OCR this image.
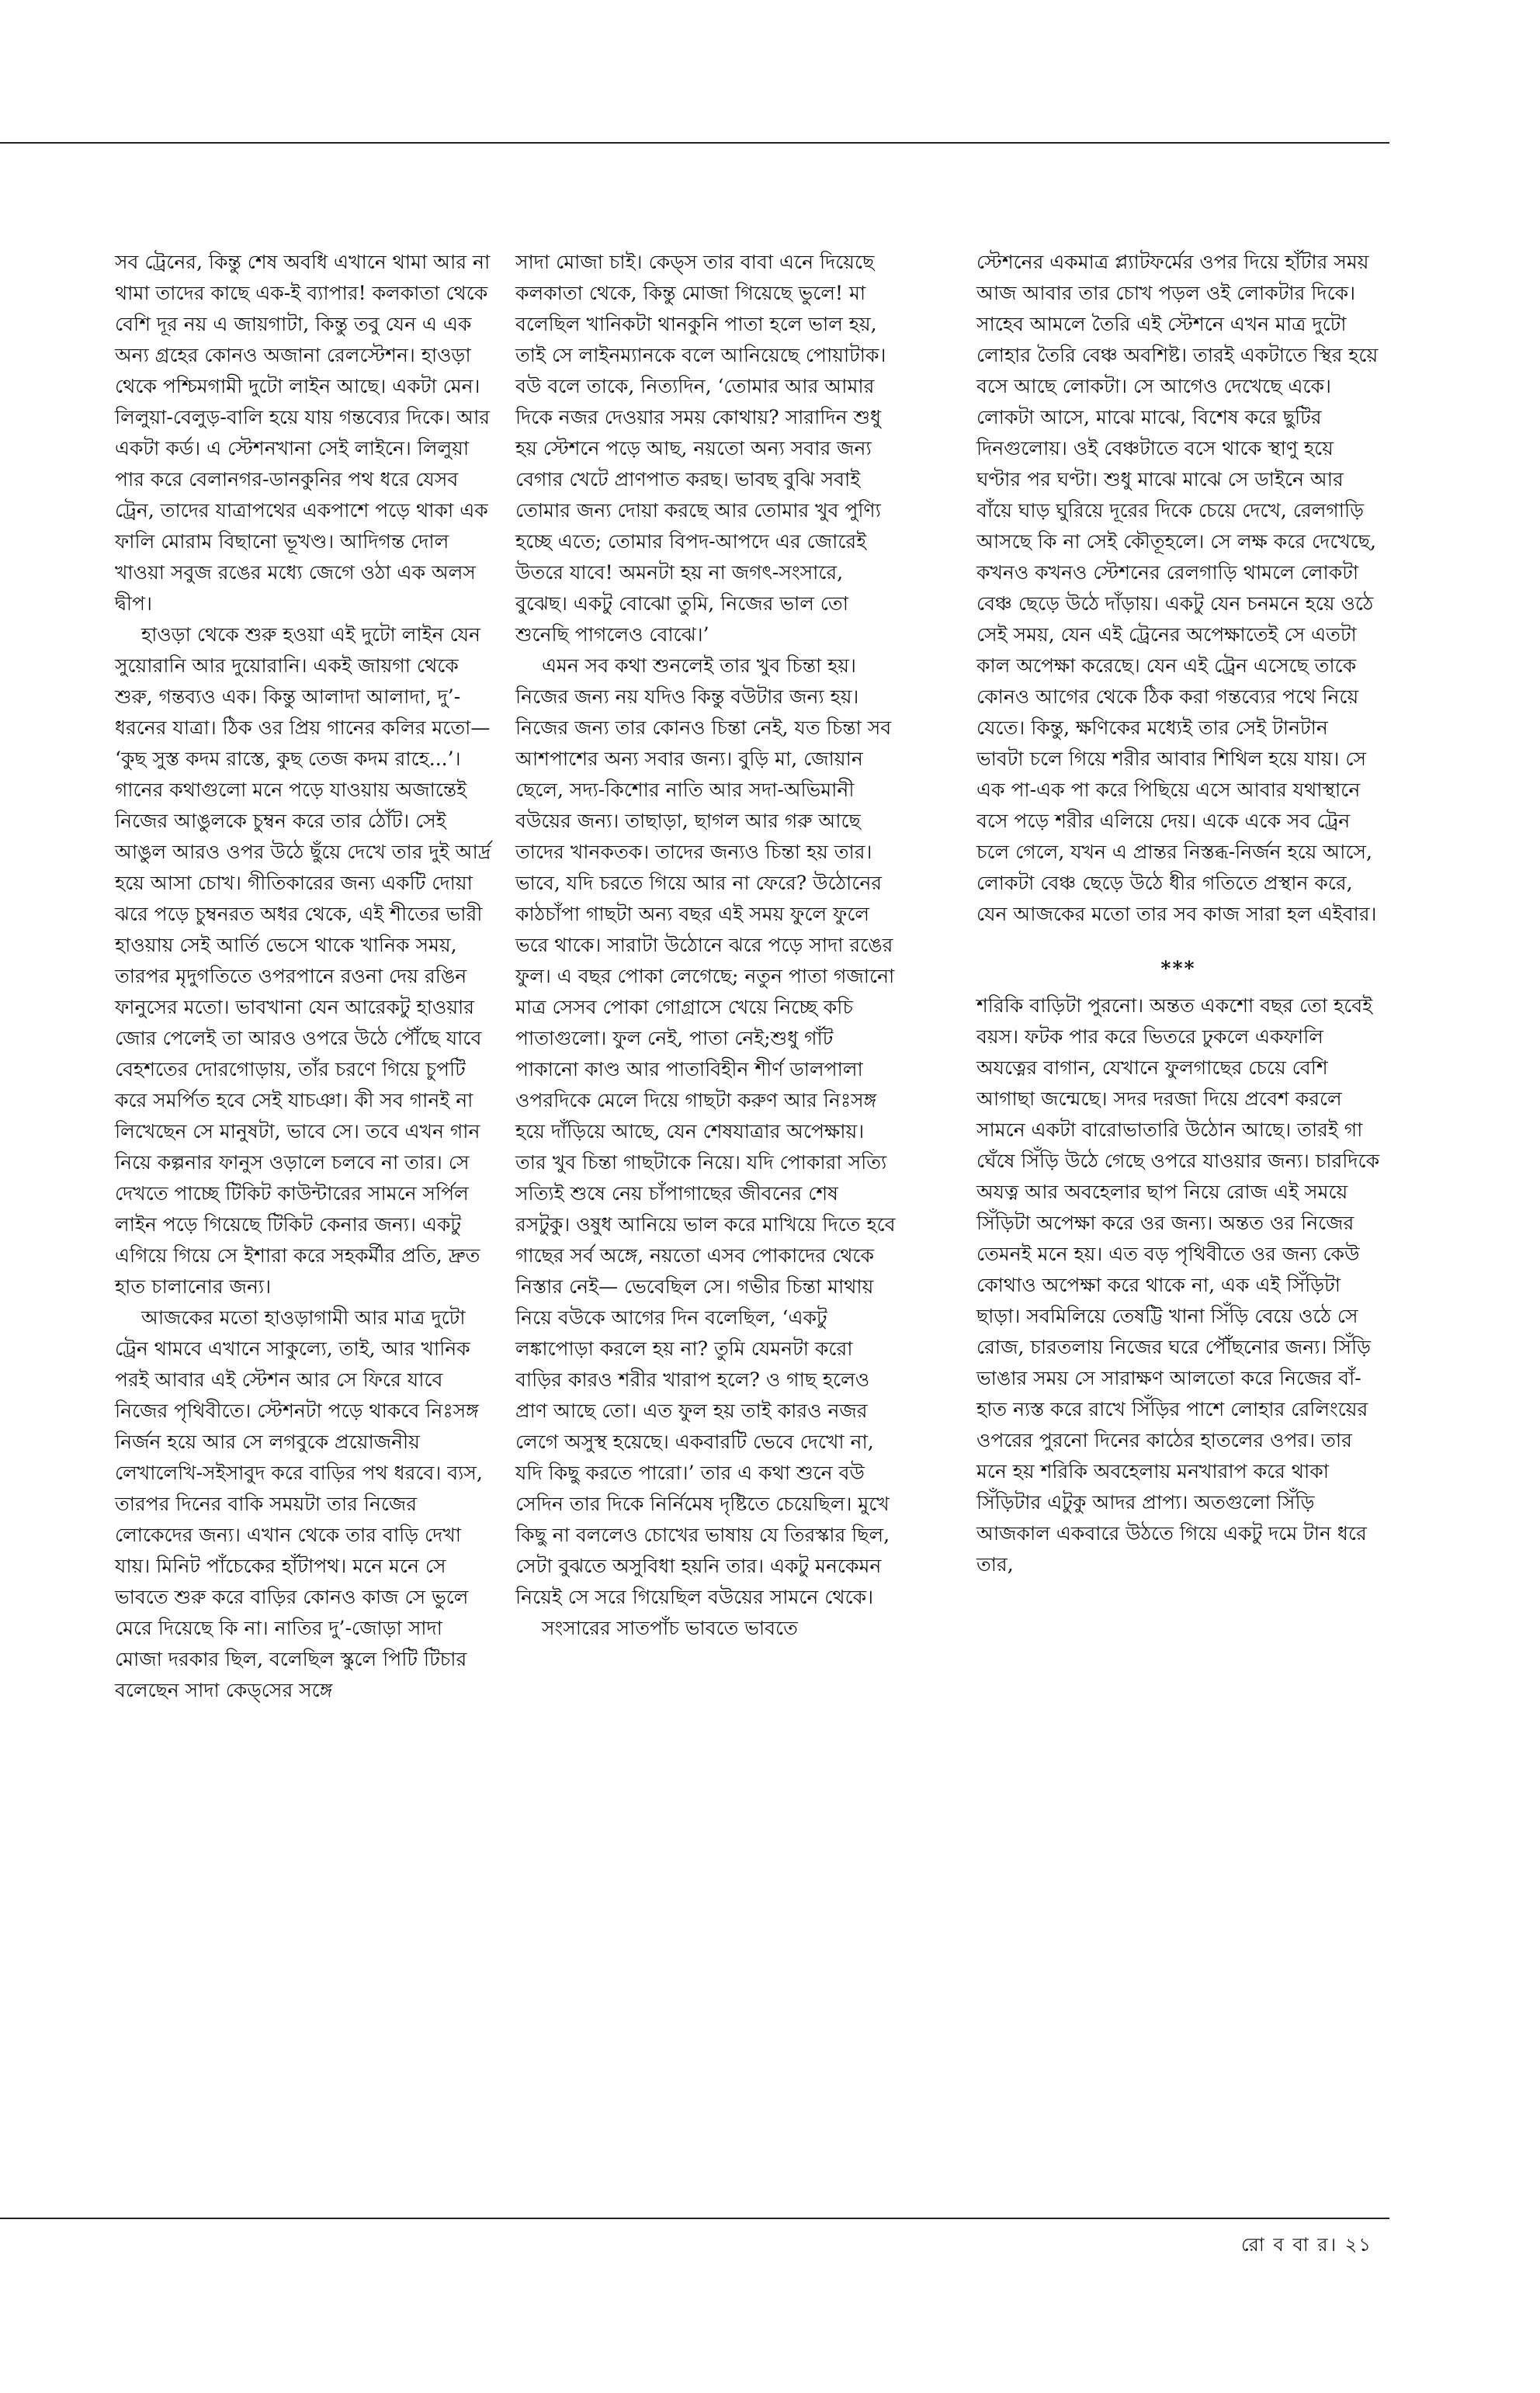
সব ট্রেনের, কিন্তু শেষ অবধি এখানে থামা আর না থামা তাদের কাছে এক-ই ব্যাপার! কলকাতা থেকে বেশি দূর নয় এ জায়গাটা, কিন্তু তবু যেন এ এক অন্য গ্রহের কোনও অজানা রেলস্টেশন। হাওড়া থেকে পশ্চিমগামী দুটো লাইন আছে। একটা মেন। লিলুয়া-বেলুড়-বালি হয়ে যায় গন্তব্যের দিকে। আর একটা কর্ড। এ স্টেশনখানা সেই লাইনে। লিলুয়া পার করে বেলানগর-ডানকুনির পথ ধরে যেসব ট্রেন, তাদের যাত্রাপথের একপাশে পড়ে থাকা এক ফালি মোরাম বিছানো ভূখণ্ড। আদিগন্ত দোল খাওয়া সবুজ রঙের মধ্যে জেগে ওঠা এক অলস দ্বীপ।

হাওড়া থেকে শুরু হওয়া এই দুটো লাইন যেন সুয়োরানি আর দুয়োরানি। একই জায়গা থেকে শুরু, গন্তব্যও এক। কিন্তু আলাদা আলাদা, দু’-ধরনের যাত্রা। ঠিক ওর প্রিয় গানের কলির মতো— ‘কুছ সুস্ত কদম রাস্তে, কুছ তেজ কদম রাহে...’। গানের কথাগুলো মনে পড়ে যাওয়ায় অজান্তেই নিজের আঙুলকে চুম্বন করে তার ঠোঁট। সেই আঙুল আরও ওপর উঠে ছুঁয়ে দেখে তার দুই আর্দ্র হয়ে আসা চোখ। গীতিকারের জন্য একটি দোয়া ঝরে পড়ে চুম্বনরত অধর থেকে, এই শীতের ভারী হাওয়ায় সেই আর্তি ভেসে থাকে খানিক সময়, তারপর মৃদুগতিতে ওপরপানে রওনা দেয় রঙিন ফানুসের মতো। ভাবখানা যেন আরেকটু হাওয়ার জোর পেলেই তা আরও ওপরে উঠে পৌঁছে যাবে বেহশতের দোরগোড়ায়, তাঁর চরণে গিয়ে চুপটি করে সমর্পিত হবে সেই যাচঞা। কী সব গানই না লিখেছেন সে মানুষটা, ভাবে সে। তবে এখন গান নিয়ে কল্পনার ফানুস ওড়ালে চলবে না তার। সে দেখতে পাচ্ছে টিকিট কাউন্টারের সামনে সর্পিল লাইন পড়ে গিয়েছে টিকিট কেনার জন্য। একটু এগিয়ে গিয়ে সে ইশারা করে সহকর্মীর প্রতি, দ্রুত হাত চালানোর জন্য।

আজকের মতো হাওড়াগামী আর মাত্র দুটো ট্রেন থামবে এখানে সাকুল্যে, তাই, আর খানিক পরই আবার এই স্টেশন আর সে ফিরে যাবে নিজের পৃথিবীতে। স্টেশনটা পড়ে থাকবে নিঃসঙ্গ নির্জন হয়ে আর সে লগবুকে প্রয়োজনীয় লেখালেখি-সইসাবুদ করে বাড়ির পথ ধরবে। ব্যস, তারপর দিনের বাকি সময়টা তার নিজের লোকেদের জন্য। এখান থেকে তার বাড়ি দেখা যায়। মিনিট পাঁচেকের হাঁটাপথ। মনে মনে সে ভাবতে শুরু করে বাড়ির কোনও কাজ সে ভুলে মেরে দিয়েছে কি না। নাতির দু’-জোড়া সাদা মোজা দরকার ছিল, বলেছিল স্কুলে পিটি টিচার বলেছেন সাদা কেড্‌সের সঙ্গে

সাদা মোজা চাই। কেড্‌স তার বাবা এনে দিয়েছে কলকাতা থেকে, কিন্তু মোজা গিয়েছে ভুলে! মা বলেছিল খানিকটা থানকুনি পাতা হলে ভাল হয়, তাই সে লাইনম্যানকে বলে আনিয়েছে পোয়াটাক। বউ বলে তাকে, নিত্যদিন, ‘তোমার আর আমার দিকে নজর দেওয়ার সময় কোথায়? সারাদিন শুধু হয় স্টেশনে পড়ে আছ, নয়তো অন্য সবার জন্য বেগার খেটে প্রাণপাত করছ। ভাবছ বুঝি সবাই তোমার জন্য দোয়া করছে আর তোমার খুব পুণ্যি হচ্ছে এতে; তোমার বিপদ-আপদে এর জোরেই উতরে যাবে! অমনটা হয় না জগৎ-সংসারে, বুঝেছ। একটু বোঝো তুমি, নিজের ভাল তো শুনেছি পাগলেও বোঝে।’

এমন সব কথা শুনলেই তার খুব চিন্তা হয়। নিজের জন্য নয় যদিও কিন্তু বউটার জন্য হয়। নিজের জন্য তার কোনও চিন্তা নেই, যত চিন্তা সব আশপাশের অন্য সবার জন্য। বুড়ি মা, জোয়ান ছেলে, সদ্য-কিশোর নাতি আর সদা-অভিমানী বউয়ের জন্য। তাছাড়া, ছাগল আর গরু আছে তাদের খানকতক। তাদের জন্যও চিন্তা হয় তার। ভাবে, যদি চরতে গিয়ে আর না ফেরে? উঠোনের কাঠচাঁপা গাছটা অন্য বছর এই সময় ফুলে ফুলে ভরে থাকে। সারাটা উঠোনে ঝরে পড়ে সাদা রঙের ফুল। এ বছর পোকা লেগেছে; নতুন পাতা গজানো মাত্র সেসব পোকা গোগ্রাসে খেয়ে নিচ্ছে কচি পাতাগুলো। ফুল নেই, পাতা নেই;শুধু গাঁট পাকানো কাণ্ড আর পাতাবিহীন শীর্ণ ডালপালা ওপরদিকে মেলে দিয়ে গাছটা করুণ আর নিঃসঙ্গ হয়ে দাঁড়িয়ে আছে, যেন শেষযাত্রার অপেক্ষায়। তার খুব চিন্তা গাছটাকে নিয়ে। যদি পোকারা সত্যি সত্যিই শুষে নেয় চাঁপাগাছের জীবনের শেষ রসটুকু। ওষুধ আনিয়ে ভাল করে মাখিয়ে দিতে হবে গাছের সর্ব অঙ্গে, নয়তো এসব পোকাদের থেকে নিস্তার নেই— ভেবেছিল সে। গভীর চিন্তা মাথায় নিয়ে বউকে আগের দিন বলেছিল, ‘একটু লঙ্কাপোড়া করলে হয় না? তুমি যেমনটা করো বাড়ির কারও শরীর খারাপ হলে? ও গাছ হলেও প্রাণ আছে তো। এত ফুল হয় তাই কারও নজর লেগে অসুস্থ হয়েছে। একবারটি ভেবে দেখো না, যদি কিছু করতে পারো।’ তার এ কথা শুনে বউ সেদিন তার দিকে নির্নিমেষ দৃষ্টিতে চেয়েছিল। মুখে কিছু না বললেও চোখের ভাষায় যে তিরস্কার ছিল, সেটা বুঝতে অসুবিধা হয়নি তার। একটু মনকেমন নিয়েই সে সরে গিয়েছিল বউয়ের সামনে থেকে।

সংসারের সাতপাঁচ ভাবতে ভাবতে

স্টেশনের একমাত্র প্ল্যাটফর্মের ওপর দিয়ে হাঁটার সময় আজ আবার তার চোখ পড়ল ওই লোকটার দিকে। সাহেব আমলে তৈরি এই স্টেশনে এখন মাত্র দুটো লোহার তৈরি বেঞ্চ অবশিষ্ট। তারই একটাতে স্থির হয়ে বসে আছে লোকটা। সে আগেও দেখেছে একে। লোকটা আসে, মাঝে মাঝে, বিশেষ করে ছুটির দিনগুলোয়। ওই বেঞ্চটাতে বসে থাকে স্থাণু হয়ে ঘণ্টার পর ঘণ্টা। শুধু মাঝে মাঝে সে ডাইনে আর বাঁয়ে ঘাড় ঘুরিয়ে দূরের দিকে চেয়ে দেখে, রেলগাড়ি আসছে কি না সেই কৌতূহলে। সে লক্ষ করে দেখেছে, কখনও কখনও স্টেশনের রেলগাড়ি থামলে লোকটা বেঞ্চ ছেড়ে উঠে দাঁড়ায়। একটু যেন চনমনে হয়ে ওঠে সেই সময়, যেন এই ট্রেনের অপেক্ষাতেই সে এতটা কাল অপেক্ষা করেছে। যেন এই ট্রেন এসেছে তাকে কোনও আগের থেকে ঠিক করা গন্তব্যের পথে নিয়ে যেতে। কিন্তু, ক্ষণিকের মধ্যেই তার সেই টানটান ভাবটা চলে গিয়ে শরীর আবার শিথিল হয়ে যায়। সে এক পা-এক পা করে পিছিয়ে এসে আবার যথাস্থানে বসে পড়ে শরীর এলিয়ে দেয়। একে একে সব ট্রেন চলে গেলে, যখন এ প্রান্তর নিস্তব্ধ-নির্জন হয়ে আসে, লোকটা বেঞ্চ ছেড়ে উঠে ধীর গতিতে প্রস্থান করে, যেন আজকের মতো তার সব কাজ সারা হল এইবার।

***

শরিকি বাড়িটা পুরনো। অন্তত একশো বছর তো হবেই বয়স। ফটক পার করে ভিতরে ঢুকলে একফালি অযত্নের বাগান, যেখানে ফুলগাছের চেয়ে বেশি আগাছা জন্মেছে। সদর দরজা দিয়ে প্রবেশ করলে সামনে একটা বারোভাতারি উঠোন আছে। তারই গা ঘেঁষে সিঁড়ি উঠে গেছে ওপরে যাওয়ার জন্য। চারদিকে অযত্ন আর অবহেলার ছাপ নিয়ে রোজ এই সময়ে সিঁড়িটা অপেক্ষা করে ওর জন্য। অন্তত ওর নিজের তেমনই মনে হয়। এত বড় পৃথিবীতে ওর জন্য কেউ কোথাও অপেক্ষা করে থাকে না, এক এই সিঁড়িটা ছাড়া। সবমিলিয়ে তেষট্টি খানা সিঁড়ি বেয়ে ওঠে সে রোজ, চারতলায় নিজের ঘরে পৌঁছনোর জন্য। সিঁড়ি ভাঙার সময় সে সারাক্ষণ আলতো করে নিজের বাঁ-হাত ন্যস্ত করে রাখে সিঁড়ির পাশে লোহার রেলিংয়ের ওপরের পুরনো দিনের কাঠের হাতলের ওপর। তার মনে হয় শরিকি অবহেলায় মনখারাপ করে থাকা সিঁড়িটার এটুকু আদর প্রাপ্য। অতগুলো সিঁড়ি আজকাল একবারে উঠতে গিয়ে একটু দমে টান ধরে তার,

রো ব বা র। ২১
